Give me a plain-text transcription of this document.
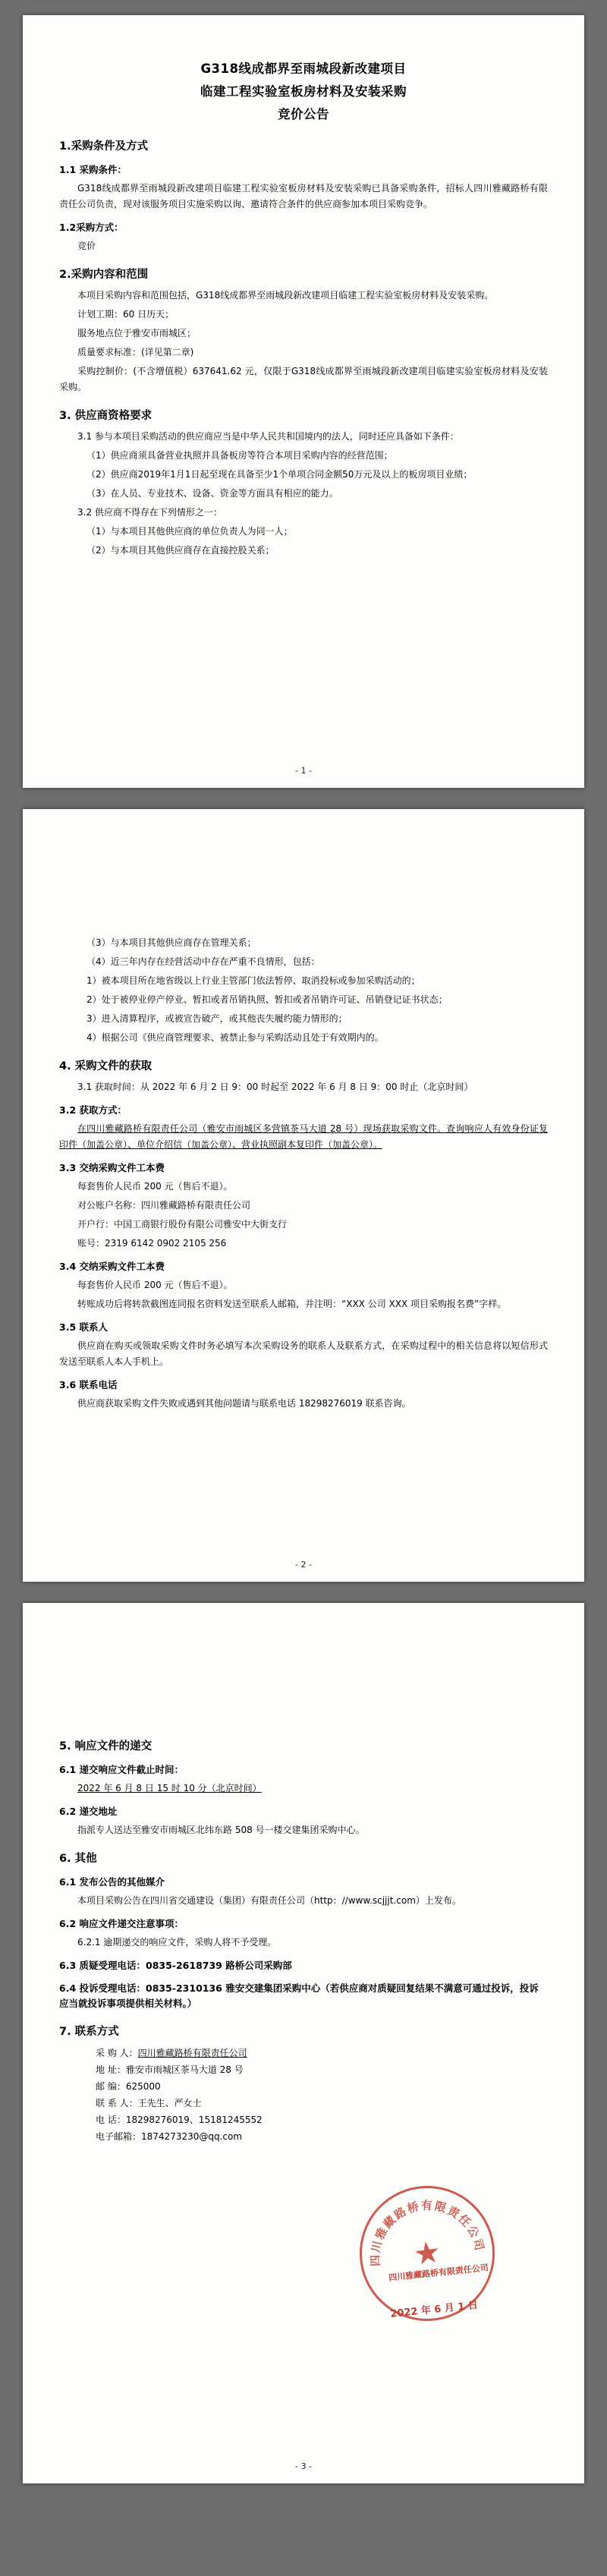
G318线成都界至雨城段新改建项目
临建工程实验室板房材料及安装采购
竞价公告
1.采购条件及方式
1.1 采购条件：

G318线成都界至雨城段新改建项目临建工程实验室板房材料及安装采购已具备采购条件，招标人四川雅藏路桥有限责任公司负责，现对该服务项目实施采购以询、邀请符合条件的供应商参加本项目采购竞争。

1.2采购方式：

竞价

2.采购内容和范围

本项目采购内容和范围包括，G318线成都界至雨城段新改建项目临建工程实验室板房材料及安装采购。

计划工期：60 日历天；

服务地点位于雅安市雨城区；

质量要求标准：(详见第二章)

采购控制价：(不含增值税）637641.62 元，仅限于G318线成都界至雨城段新改建项目临建实验室板房材料及安装采购。

3. 供应商资格要求

3.1 参与本项目采购活动的供应商应当是中华人民共和国境内的法人，同时还应具备如下条件：

（1）供应商须具备营业执照并具备板房等符合本项目采购内容的经营范围；

（2）供应商2019年1月1日起至现在具备至少1个单项合同金额50万元及以上的板房项目业绩；

（3）在人员、专业技术、设备、资金等方面具有相应的能力。

3.2 供应商不得存在下列情形之一：

（1）与本项目其他供应商的单位负责人为同一人；

（2）与本项目其他供应商存在直接控股关系；

- 1 -

（3）与本项目其他供应商存在管理关系；

（4）近三年内存在经营活动中存在严重不良情形，包括：

1）被本项目所在地省级以上行业主管部门依法暂停、取消投标或参加采购活动的；

2）处于被停业停产停业、暂扣或者吊销执照、暂扣或者吊销许可证、吊销登记证书状态；

3）进入清算程序，或被宣告破产，或其他丧失履约能力情形的；

4）根据公司《供应商管理要求、被禁止参与采购活动且处于有效期内的。

4. 采购文件的获取

3.1 获取时间：从 2022 年 6 月 2 日 9：00 时起至 2022 年 6 月 8 日 9：00 时止（北京时间）

3.2 获取方式：

在四川雅藏路桥有限责任公司（雅安市雨城区多营镇茶马大道 28 号）现场获取采购文件。查询响应人有效身份证复印件（加盖公章）、单位介绍信（加盖公章）、营业执照副本复印件（加盖公章）。

3.3 交纳采购文件工本费

每套售价人民币 200 元（售后不退）。

对公账户名称：四川雅藏路桥有限责任公司

开户行：中国工商银行股份有限公司雅安中大街支行

账号：2319 6142 0902 2105 256

3.4 交纳采购文件工本费

每套售价人民币 200 元（售后不退）。

转账成功后将转款截图连同报名资料发送至联系人邮箱，并注明：“XXX 公司 XXX 项目采购报名费”字样。

3.5 联系人

供应商在购买或领取采购文件时务必填写本次采购设务的联系人及联系方式，在采购过程中的相关信息将以短信形式发送至联系人本人手机上。

3.6 联系电话

供应商获取采购文件失败或遇到其他问题请与联系电话 18298276019 联系咨询。

- 2 -
5. 响应文件的递交
6.1 递交响应文件截止时间：

2022 年 6 月 8 日 15 时 10 分（北京时间）

6.2 递交地址

指派专人送达至雅安市雨城区北纬东路 508 号一楼交建集团采购中心。

6. 其他
6.1 发布公告的其他媒介

本项目采购公告在四川省交通建设（集团）有限责任公司（http：//www.scjjjt.com）上发布。

6.2 响应文件递交注意事项：

6.2.1 逾期递交的响应文件，采购人将不予受理。

6.3 质疑受理电话：0835-2618739 路桥公司采购部
6.4 投诉受理电话：0835-2310136 雅安交建集团采购中心（若供应商对质疑回复结果不满意可通过投诉，投诉应当就投诉事项提供相关材料。）
7. 联系方式
采 购 人：四川雅藏路桥有限责任公司
地 址：雅安市雨城区茶马大道 28 号
邮 编：625000
联 系 人：王先生、严女士
电 话：18298276019、15181245552
电子邮箱：1874273230@qq.com
四川雅藏路桥有限责任公司
★
四川雅藏路桥有限责任公司
2022 年 6 月 1 日
- 3 -
